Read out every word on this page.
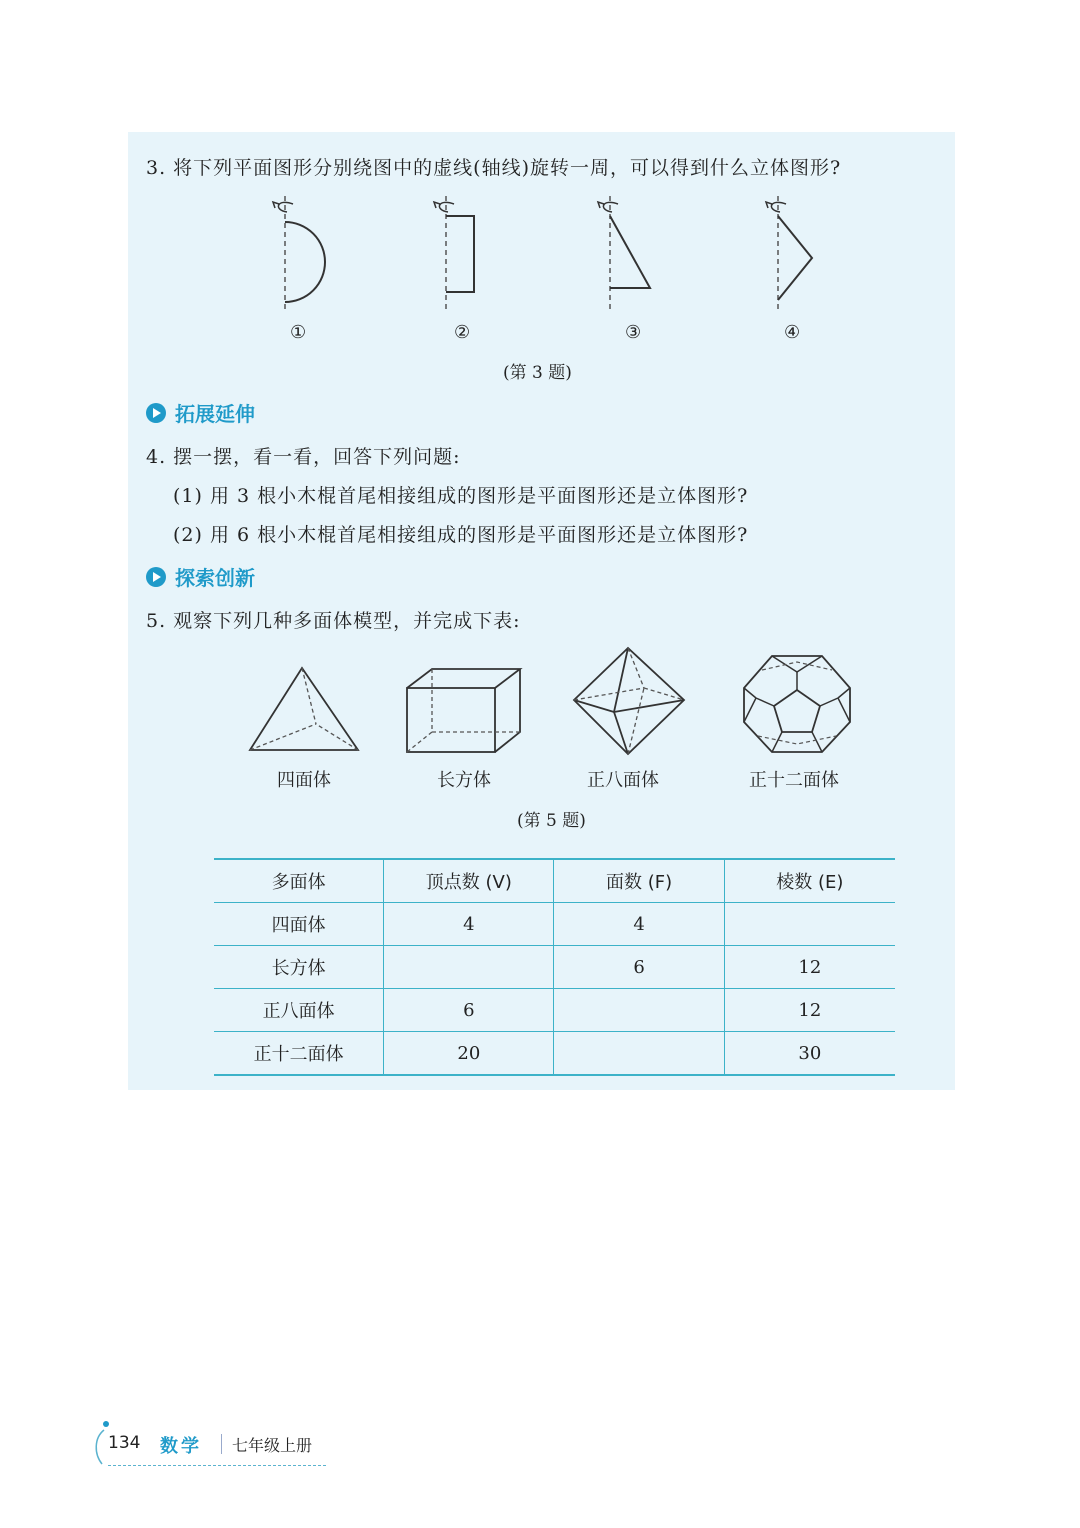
3. 将下列平面图形分别绕图中的虚线(轴线)旋转一周，可以得到什么立体图形?
①	②	③	④
(第 3 题)
拓展延伸
4. 摆一摆，看一看，回答下列问题:
(1) 用 3 根小木棍首尾相接组成的图形是平面图形还是立体图形?
(2) 用 6 根小木棍首尾相接组成的图形是平面图形还是立体图形?
探索创新
5. 观察下列几种多面体模型，并完成下表:
四面体	长方体	正八面体	正十二面体
(第 5 题)
多面体	顶点数 (V)	面数 (F)	棱数 (E)
四面体	4	4	
长方体		6	12
正八面体	6		12
正十二面体	20		30
134 数学 七年级上册
